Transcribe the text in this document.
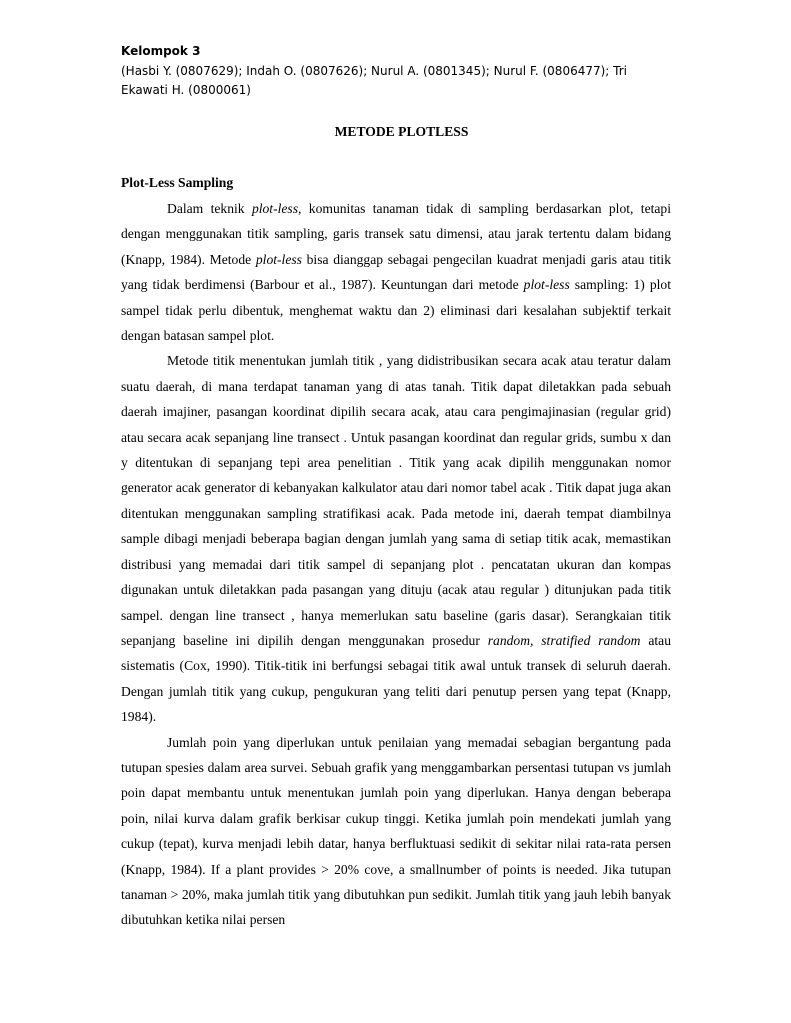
Kelompok 3
(Hasbi Y. (0807629); Indah O. (0807626); Nurul A. (0801345); Nurul F. (0806477); Tri Ekawati H. (0800061)
METODE PLOTLESS
Plot-Less Sampling

Dalam teknik plot-less, komunitas tanaman tidak di sampling berdasarkan plot, tetapi dengan menggunakan titik sampling, garis transek satu dimensi, atau jarak tertentu dalam bidang (Knapp, 1984). Metode plot-less bisa dianggap sebagai pengecilan kuadrat menjadi garis atau titik yang tidak berdimensi (Barbour et al., 1987). Keuntungan dari metode plot-less sampling: 1) plot sampel tidak perlu dibentuk, menghemat waktu dan 2) eliminasi dari kesalahan subjektif terkait dengan batasan sampel plot.

Metode titik menentukan jumlah titik , yang didistribusikan secara acak atau teratur dalam suatu daerah, di mana terdapat tanaman yang di atas tanah. Titik dapat diletakkan pada sebuah daerah imajiner, pasangan koordinat dipilih secara acak, atau cara pengimajinasian (regular grid) atau secara acak sepanjang line transect . Untuk pasangan koordinat dan regular grids, sumbu x dan y ditentukan di sepanjang tepi area penelitian . Titik yang acak dipilih menggunakan nomor generator acak generator di kebanyakan kalkulator atau dari nomor tabel acak . Titik dapat juga akan ditentukan menggunakan sampling stratifikasi acak. Pada metode ini, daerah tempat diambilnya sample dibagi menjadi beberapa bagian dengan jumlah yang sama di setiap titik acak, memastikan distribusi yang memadai dari titik sampel di sepanjang plot . pencatatan ukuran dan kompas digunakan untuk diletakkan pada pasangan yang dituju (acak atau regular ) ditunjukan pada titik sampel. dengan line transect , hanya memerlukan satu baseline (garis dasar). Serangkaian titik sepanjang baseline ini dipilih dengan menggunakan prosedur random, stratified random atau sistematis (Cox, 1990). Titik-titik ini berfungsi sebagai titik awal untuk transek di seluruh daerah. Dengan jumlah titik yang cukup, pengukuran yang teliti dari penutup persen yang tepat (Knapp, 1984).

Jumlah poin yang diperlukan untuk penilaian yang memadai sebagian bergantung pada tutupan spesies dalam area survei. Sebuah grafik yang menggambarkan persentasi tutupan vs jumlah poin dapat membantu untuk menentukan jumlah poin yang diperlukan. Hanya dengan beberapa poin, nilai kurva dalam grafik berkisar cukup tinggi. Ketika jumlah poin mendekati jumlah yang cukup (tepat), kurva menjadi lebih datar, hanya berfluktuasi sedikit di sekitar nilai rata-rata persen (Knapp, 1984). If a plant provides > 20% cove, a smallnumber of points is needed. Jika tutupan tanaman > 20%, maka jumlah titik yang dibutuhkan pun sedikit. Jumlah titik yang jauh lebih banyak dibutuhkan ketika nilai persen
